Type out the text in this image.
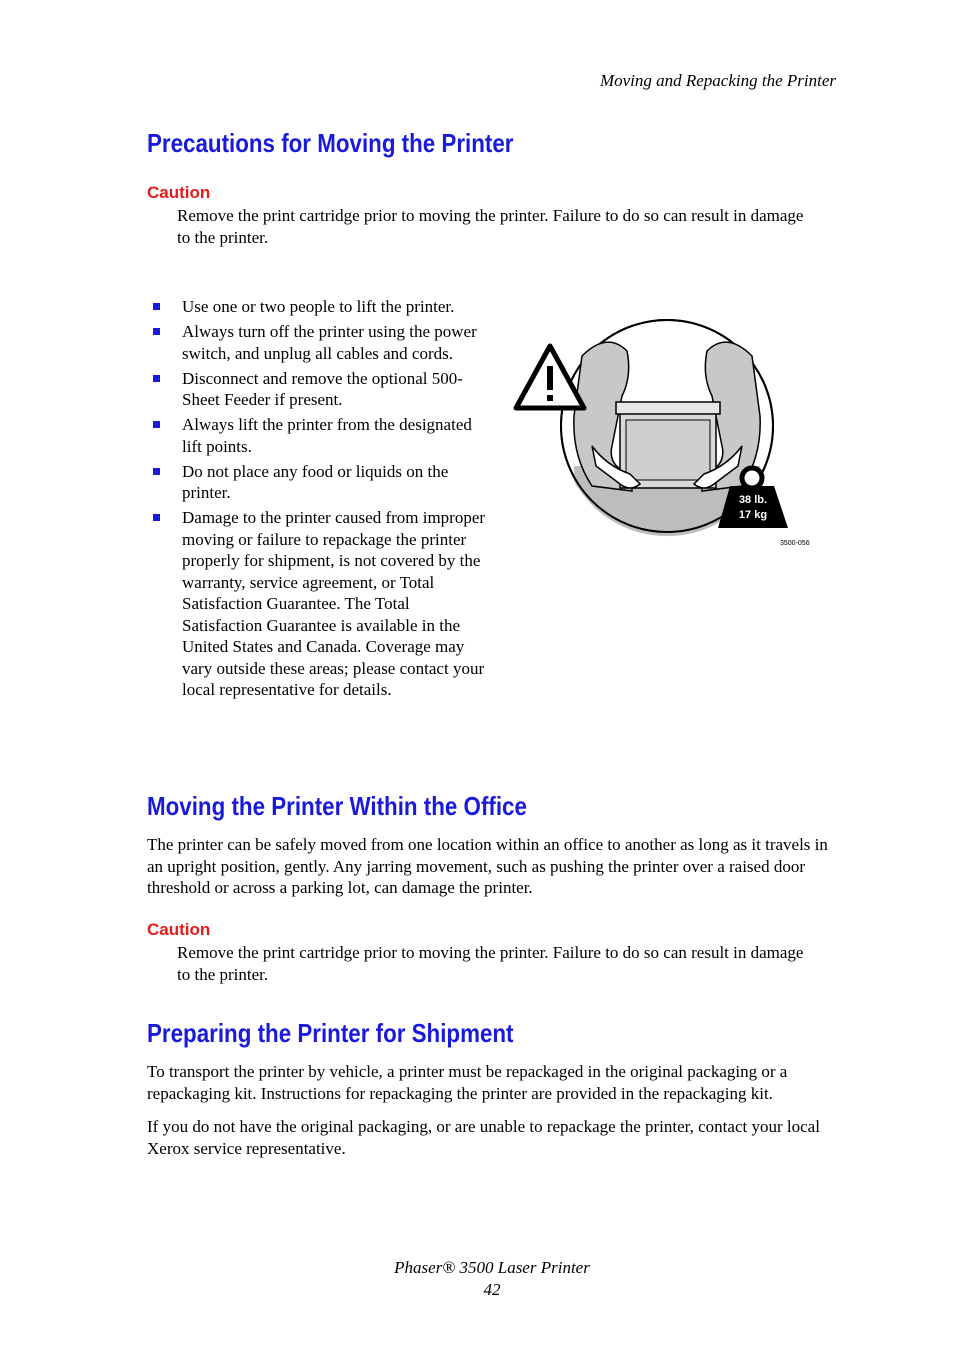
Moving and Repacking the Printer
Precautions for Moving the Printer
Caution

Remove the print cartridge prior to moving the printer. Failure to do so can result in damage to the printer.

Use one or two people to lift the printer.
Always turn off the printer using the power switch, and unplug all cables and cords.
Disconnect and remove the optional 500-Sheet Feeder if present.
Always lift the printer from the designated lift points.
Do not place any food or liquids on the printer.
Damage to the printer caused from improper moving or failure to repackage the printer properly for shipment, is not covered by the warranty, service agreement, or Total Satisfaction Guarantee. The Total Satisfaction Guarantee is available in the United States and Canada. Coverage may vary outside these areas; please contact your local representative for details.
38 lb.
17 kg
3500-056
Moving the Printer Within the Office

The printer can be safely moved from one location within an office to another as long as it travels in an upright position, gently. Any jarring movement, such as pushing the printer over a raised door threshold or across a parking lot, can damage the printer.

Caution

Remove the print cartridge prior to moving the printer. Failure to do so can result in damage to the printer.

Preparing the Printer for Shipment

To transport the printer by vehicle, a printer must be repackaged in the original packaging or a repackaging kit. Instructions for repackaging the printer are provided in the repackaging kit.

If you do not have the original packaging, or are unable to repackage the printer, contact your local Xerox service representative.

Phaser® 3500 Laser Printer
42
